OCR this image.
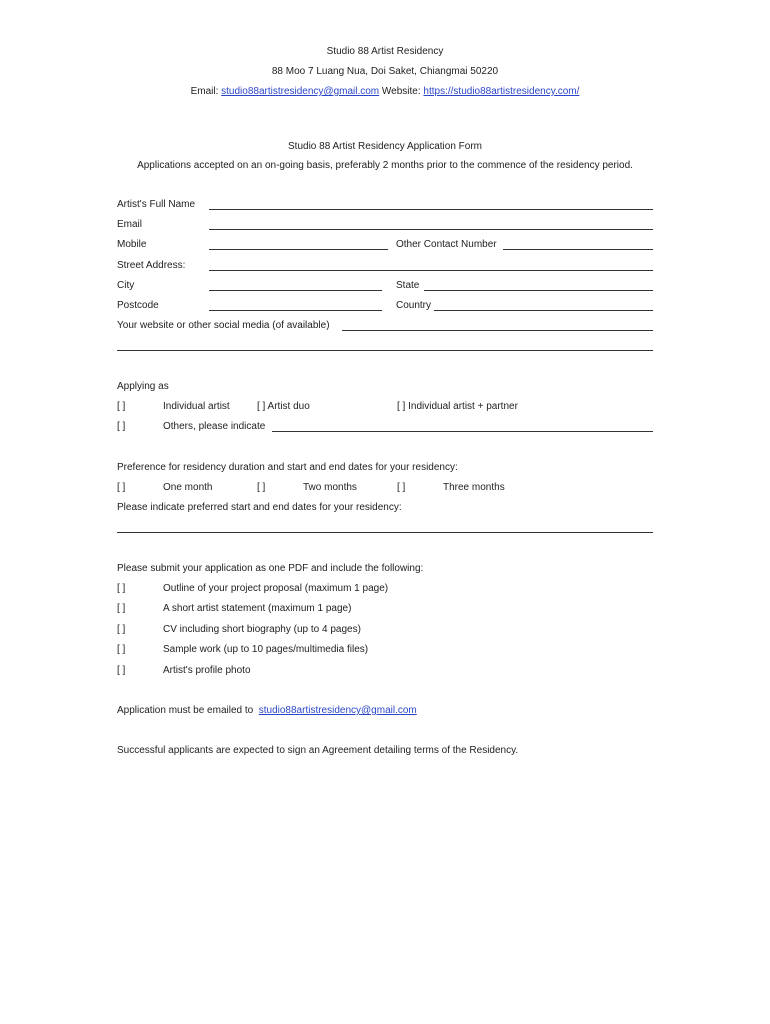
Studio 88 Artist Residency
88 Moo 7 Luang Nua, Doi Saket, Chiangmai 50220
Email: studio88artistresidency@gmail.com Website: https://studio88artistresidency.com/
Studio 88 Artist Residency Application Form
Applications accepted on an on-going basis, preferably 2 months prior to the commence of the residency period.
Artist's Full Name
Email
Mobile	Other Contact Number
Street Address:
City	State
Postcode	Country
Your website or other social media (of available)
Applying as
[ ]	Individual artist	[ ] Artist duo	[ ] Individual artist + partner
[ ]	Others, please indicate
Preference for residency duration and start and end dates for your residency:
[ ]	One month	[ ]	Two months	[ ]	Three months
Please indicate preferred start and end dates for your residency:
Please submit your application as one PDF and include the following:
[ ]	Outline of your project proposal (maximum 1 page)
[ ]	A short artist statement (maximum 1 page)
[ ]	CV including short biography (up to 4 pages)
[ ]	Sample work (up to 10 pages/multimedia files)
[ ]	Artist's profile photo
Application must be emailed to studio88artistresidency@gmail.com
Successful applicants are expected to sign an Agreement detailing terms of the Residency.
